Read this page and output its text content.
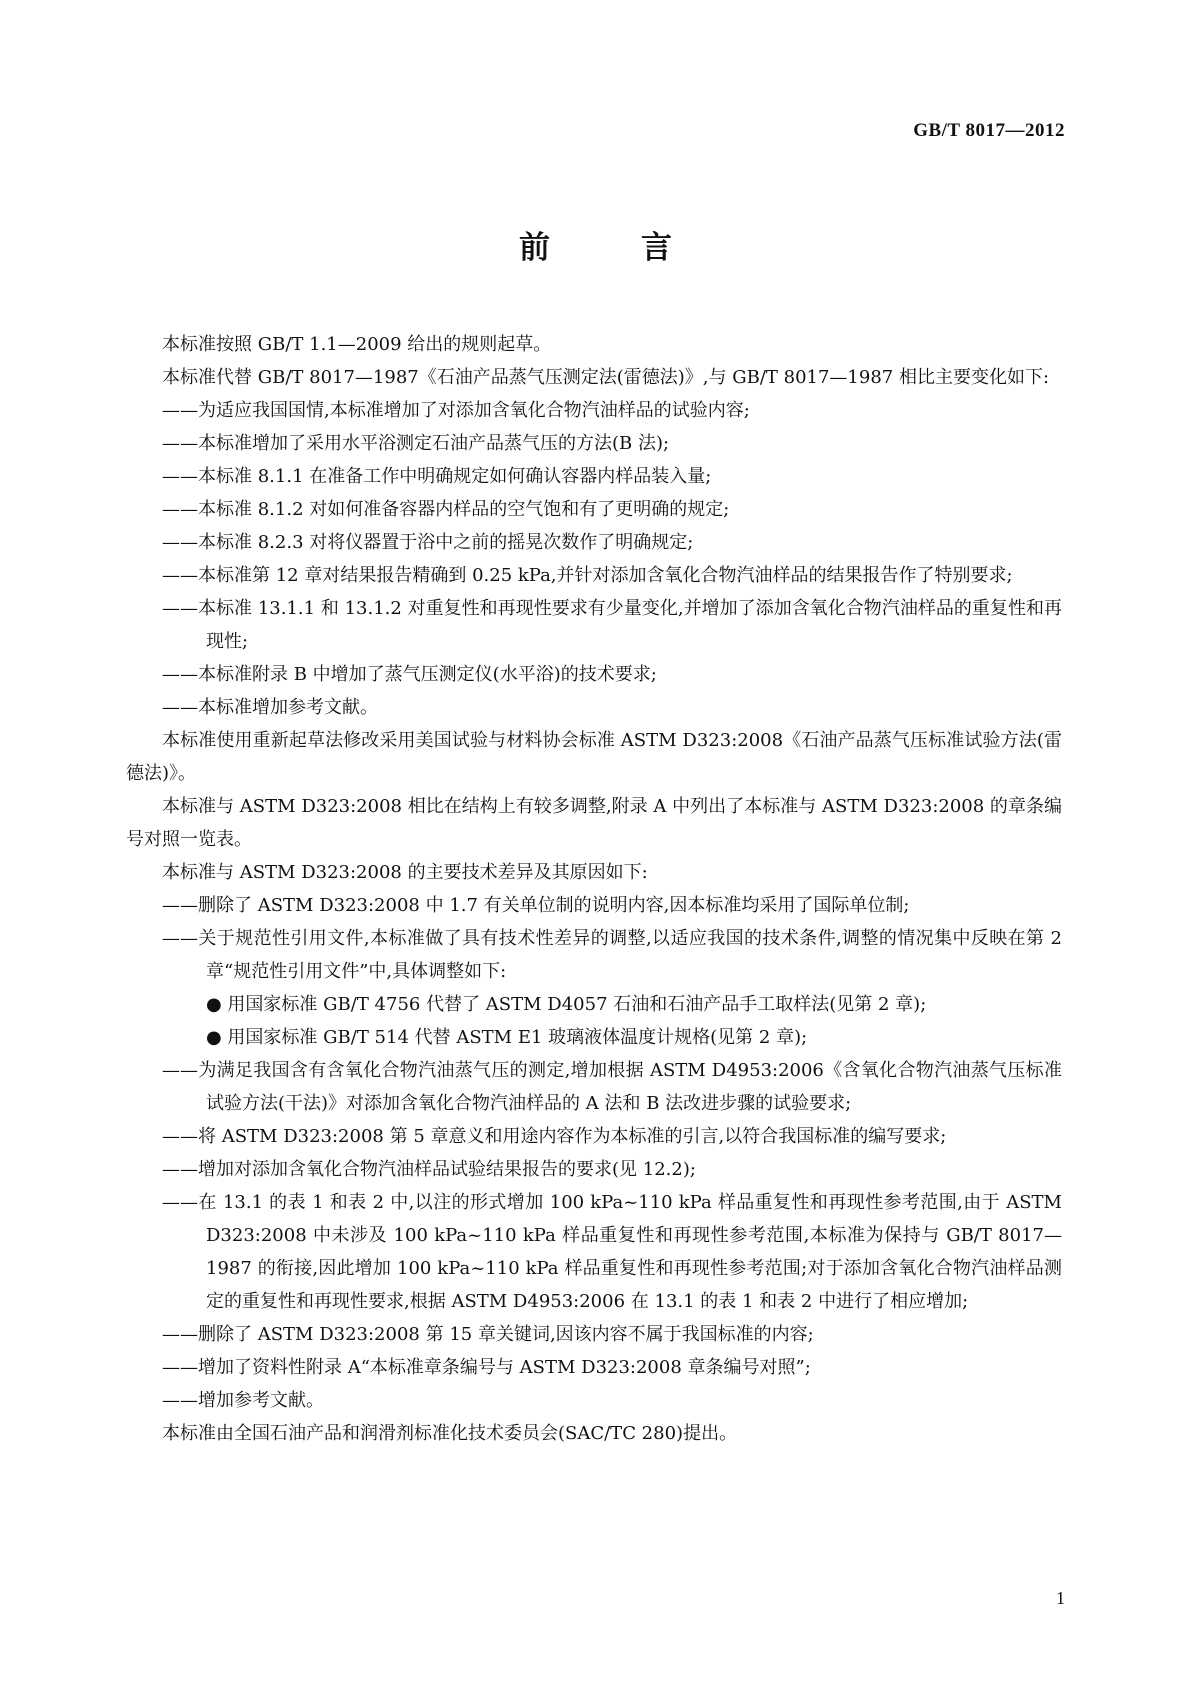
GB/T 8017—2012
前　言

本标准按照 GB/T 1.1—2009 给出的规则起草。

本标准代替 GB/T 8017—1987《石油产品蒸气压测定法(雷德法)》,与 GB/T 8017—1987 相比主要变化如下:

——为适应我国国情,本标准增加了对添加含氧化合物汽油样品的试验内容;

——本标准增加了采用水平浴测定石油产品蒸气压的方法(B 法);

——本标准 8.1.1 在准备工作中明确规定如何确认容器内样品装入量;

——本标准 8.1.2 对如何准备容器内样品的空气饱和有了更明确的规定;

——本标准 8.2.3 对将仪器置于浴中之前的摇晃次数作了明确规定;

——本标准第 12 章对结果报告精确到 0.25 kPa,并针对添加含氧化合物汽油样品的结果报告作了特别要求;

——本标准 13.1.1 和 13.1.2 对重复性和再现性要求有少量变化,并增加了添加含氧化合物汽油样品的重复性和再现性;

——本标准附录 B 中增加了蒸气压测定仪(水平浴)的技术要求;

——本标准增加参考文献。

本标准使用重新起草法修改采用美国试验与材料协会标准 ASTM D323:2008《石油产品蒸气压标准试验方法(雷德法)》。

本标准与 ASTM D323:2008 相比在结构上有较多调整,附录 A 中列出了本标准与 ASTM D323:2008 的章条编号对照一览表。

本标准与 ASTM D323:2008 的主要技术差异及其原因如下:

——删除了 ASTM D323:2008 中 1.7 有关单位制的说明内容,因本标准均采用了国际单位制;

——关于规范性引用文件,本标准做了具有技术性差异的调整,以适应我国的技术条件,调整的情况集中反映在第 2 章“规范性引用文件”中,具体调整如下:

● 用国家标准 GB/T 4756 代替了 ASTM D4057 石油和石油产品手工取样法(见第 2 章);

● 用国家标准 GB/T 514 代替 ASTM E1 玻璃液体温度计规格(见第 2 章);

——为满足我国含有含氧化合物汽油蒸气压的测定,增加根据 ASTM D4953:2006《含氧化合物汽油蒸气压标准试验方法(干法)》对添加含氧化合物汽油样品的 A 法和 B 法改进步骤的试验要求;

——将 ASTM D323:2008 第 5 章意义和用途内容作为本标准的引言,以符合我国标准的编写要求;

——增加对添加含氧化合物汽油样品试验结果报告的要求(见 12.2);

——在 13.1 的表 1 和表 2 中,以注的形式增加 100 kPa~110 kPa 样品重复性和再现性参考范围,由于 ASTM D323:2008 中未涉及 100 kPa~110 kPa 样品重复性和再现性参考范围,本标准为保持与 GB/T 8017—1987 的衔接,因此增加 100 kPa~110 kPa 样品重复性和再现性参考范围;对于添加含氧化合物汽油样品测定的重复性和再现性要求,根据 ASTM D4953:2006 在 13.1 的表 1 和表 2 中进行了相应增加;

——删除了 ASTM D323:2008 第 15 章关键词,因该内容不属于我国标准的内容;

——增加了资料性附录 A“本标准章条编号与 ASTM D323:2008 章条编号对照”;

——增加参考文献。

本标准由全国石油产品和润滑剂标准化技术委员会(SAC/TC 280)提出。

1
